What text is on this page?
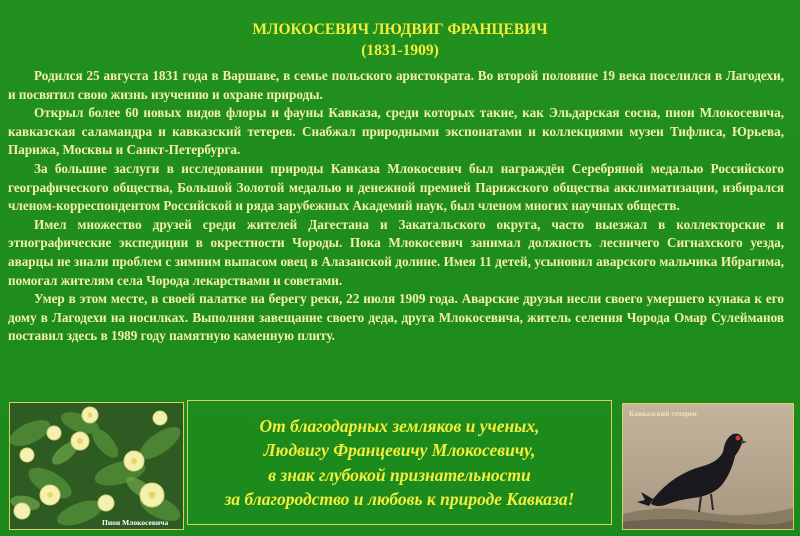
МЛОКОСЕВИЧ ЛЮДВИГ ФРАНЦЕВИЧ
(1831-1909)

Родился 25 августа 1831 года в Варшаве, в семье польского аристократа. Во второй половине 19 века поселился в Лагодехи, и посвятил свою жизнь изучению и охране природы.

Открыл более 60 новых видов флоры и фауны Кавказа, среди которых такие, как Эльдарская сосна, пион Млокосевича, кавказская саламандра и кавказский тетерев. Снабжал природными экспонатами и коллекциями музеи Тифлиса, Юрьева, Парижа, Москвы и Санкт-Петербурга.

За большие заслуги в исследовании природы Кавказа Млокосевич был награждён Серебряной медалью Российского географического общества, Большой Золотой медалью и денежной премией Парижского общества акклиматизации, избирался членом-корреспондентом Российской и ряда зарубежных Академий наук, был членом многих научных обществ.

Имел множество друзей среди жителей Дагестана и Закатальского округа, часто выезжал в коллекторские и этнографические экспедиции в окрестности Чороды. Пока Млокосевич занимал должность лесничего Сигнахского уезда, аварцы не знали проблем с зимним выпасом овец в Алазанской долине. Имея 11 детей, усыновил аварского мальчика Ибрагима, помогал жителям села Чорода лекарствами и советами.

Умер в этом месте, в своей палатке на берегу реки, 22 июля 1909 года. Аварские друзья несли своего умершего кунака к его дому в Лагодехи на носилках. Выполняя завещание своего деда, друга Млокосевича, житель селения Чорода Омар Сулейманов поставил здесь в 1989 году памятную каменную плиту.

Пион Млокосевича
От благодарных земляков и ученых,
Людвигу Францевичу Млокосевичу,
в знак глубокой признательности
за благородство и любовь к природе Кавказа!
Кавказский тетерев
